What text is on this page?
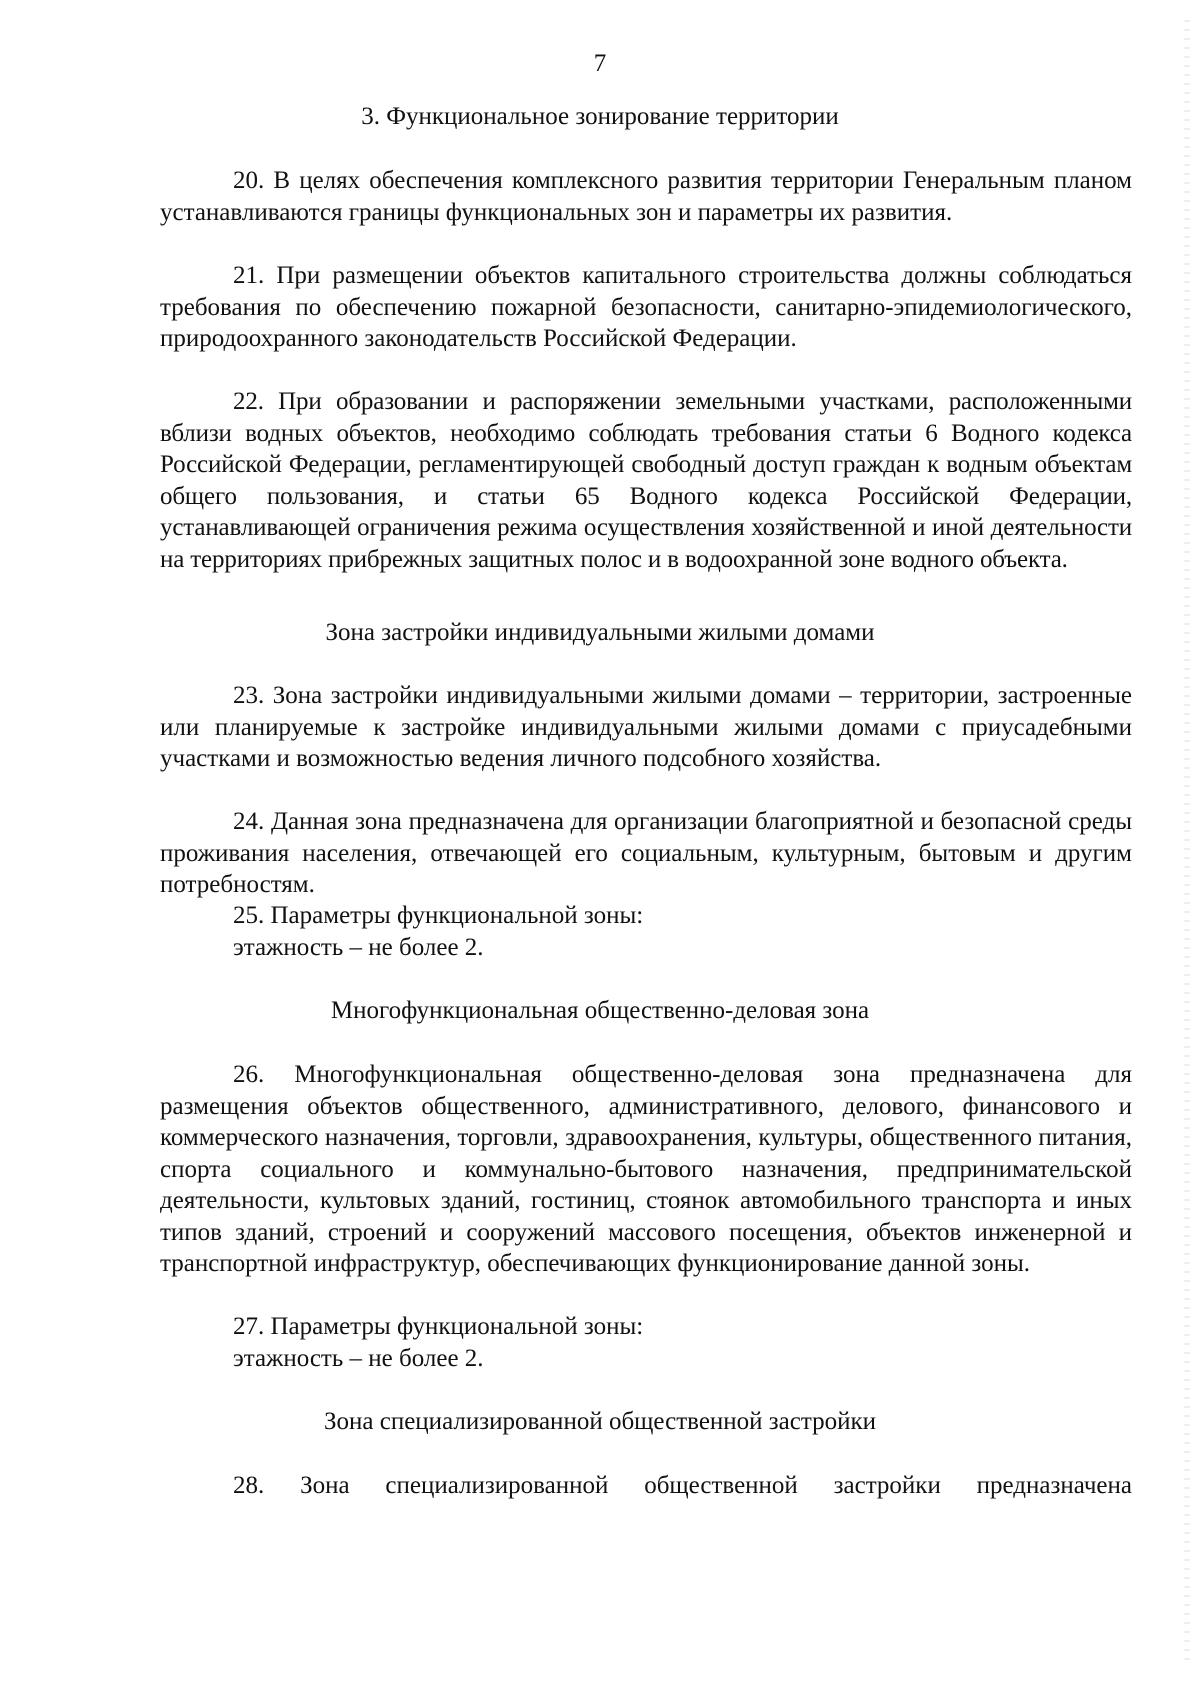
7
3. Функциональное зонирование территории

20. В целях обеспечения комплексного развития территории Генеральным планом устанавливаются границы функциональных зон и параметры их развития.

21. При размещении объектов капитального строительства должны соблюдаться требования по обеспечению пожарной безопасности, санитарно-эпидемиологического, природоохранного законодательств Российской Федерации.

22. При образовании и распоряжении земельными участками, расположенными вблизи водных объектов, необходимо соблюдать требования статьи 6 Водного кодекса Российской Федерации, регламентирующей свободный доступ граждан к водным объектам общего пользования, и статьи 65 Водного кодекса Российской Федерации, устанавливающей ограничения режима осуществления хозяйственной и иной деятельности на территориях прибрежных защитных полос и в водоохранной зоне водного объекта.

Зона застройки индивидуальными жилыми домами

23. Зона застройки индивидуальными жилыми домами – территории, застроенные или планируемые к застройке индивидуальными жилыми домами с приусадебными участками и возможностью ведения личного подсобного хозяйства.

24. Данная зона предназначена для организации благоприятной и безопасной среды проживания населения, отвечающей его социальным, культурным, бытовым и другим потребностям.

25. Параметры функциональной зоны:

этажность – не более 2.

Многофункциональная общественно-деловая зона

26. Многофункциональная общественно-деловая зона предназначена для размещения объектов общественного, административного, делового, финансового и коммерческого назначения, торговли, здравоохранения, культуры, общественного питания, спорта социального и коммунально-бытового назначения, предпринимательской деятельности, культовых зданий, гостиниц, стоянок автомобильного транспорта и иных типов зданий, строений и сооружений массового посещения, объектов инженерной и транспортной инфраструктур, обеспечивающих функционирование данной зоны.

27. Параметры функциональной зоны:

этажность – не более 2.

Зона специализированной общественной застройки

28. Зона специализированной общественной застройки предназначена
